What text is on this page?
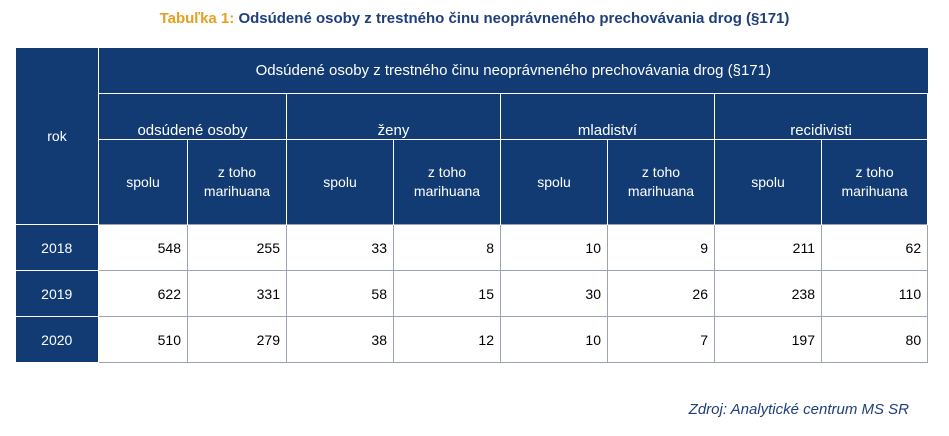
Tabuľka 1: Odsúdené osoby z trestného činu neoprávneného prechovávania drog (§171)
rok	Odsúdené osoby z trestného činu neoprávneného prechovávania drog (§171)							
	odsúdené osoby		ženy		mladiství		recidivisti	
	spolu	z toho marihuana	spolu	z toho marihuana	spolu	z toho marihuana	spolu	z toho marihuana
2018	548	255	33	8	10	9	211	62
2019	622	331	58	15	30	26	238	110
2020	510	279	38	12	10	7	197	80
Zdroj: Analytické centrum MS SR
